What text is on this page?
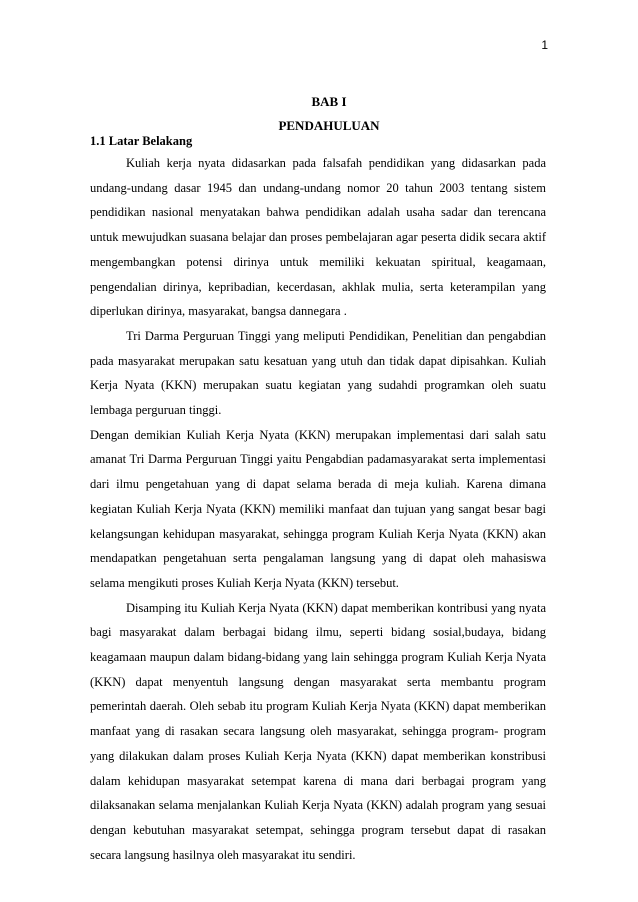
1
BAB I
PENDAHULUAN
1.1 Latar Belakang

Kuliah kerja nyata didasarkan pada falsafah pendidikan yang didasarkan pada undang-undang dasar 1945 dan undang-undang nomor 20 tahun 2003 tentang sistem pendidikan nasional menyatakan bahwa pendidikan adalah usaha sadar dan terencana untuk mewujudkan suasana belajar dan proses pembelajaran agar peserta didik secara aktif mengembangkan potensi dirinya untuk memiliki kekuatan spiritual, keagamaan, pengendalian dirinya, kepribadian, kecerdasan, akhlak mulia, serta keterampilan yang diperlukan dirinya, masyarakat, bangsa dannegara .

Tri Darma Perguruan Tinggi yang meliputi Pendidikan, Penelitian dan pengabdian pada masyarakat merupakan satu kesatuan yang utuh dan tidak dapat dipisahkan. Kuliah Kerja Nyata (KKN) merupakan suatu kegiatan yang sudahdi programkan oleh suatu lembaga perguruan tinggi.

Dengan demikian Kuliah Kerja Nyata (KKN) merupakan implementasi dari salah satu amanat Tri Darma Perguruan Tinggi yaitu Pengabdian padamasyarakat serta implementasi dari ilmu pengetahuan yang di dapat selama berada di meja kuliah. Karena dimana kegiatan Kuliah Kerja Nyata (KKN) memiliki manfaat dan tujuan yang sangat besar bagi kelangsungan kehidupan masyarakat, sehingga program Kuliah Kerja Nyata (KKN) akan mendapatkan pengetahuan serta pengalaman langsung yang di dapat oleh mahasiswa selama mengikuti proses Kuliah Kerja Nyata (KKN) tersebut.

Disamping itu Kuliah Kerja Nyata (KKN) dapat memberikan kontribusi yang nyata bagi masyarakat dalam berbagai bidang ilmu, seperti bidang sosial,budaya, bidang keagamaan maupun dalam bidang-bidang yang lain sehingga program Kuliah Kerja Nyata (KKN) dapat menyentuh langsung dengan masyarakat serta membantu program pemerintah daerah. Oleh sebab itu program Kuliah Kerja Nyata (KKN) dapat memberikan manfaat yang di rasakan secara langsung oleh masyarakat, sehingga program- program yang dilakukan dalam proses Kuliah Kerja Nyata (KKN) dapat memberikan konstribusi dalam kehidupan masyarakat setempat karena di mana dari berbagai program yang dilaksanakan selama menjalankan Kuliah Kerja Nyata (KKN) adalah program yang sesuai dengan kebutuhan masyarakat setempat, sehingga program tersebut dapat di rasakan secara langsung hasilnya oleh masyarakat itu sendiri.
